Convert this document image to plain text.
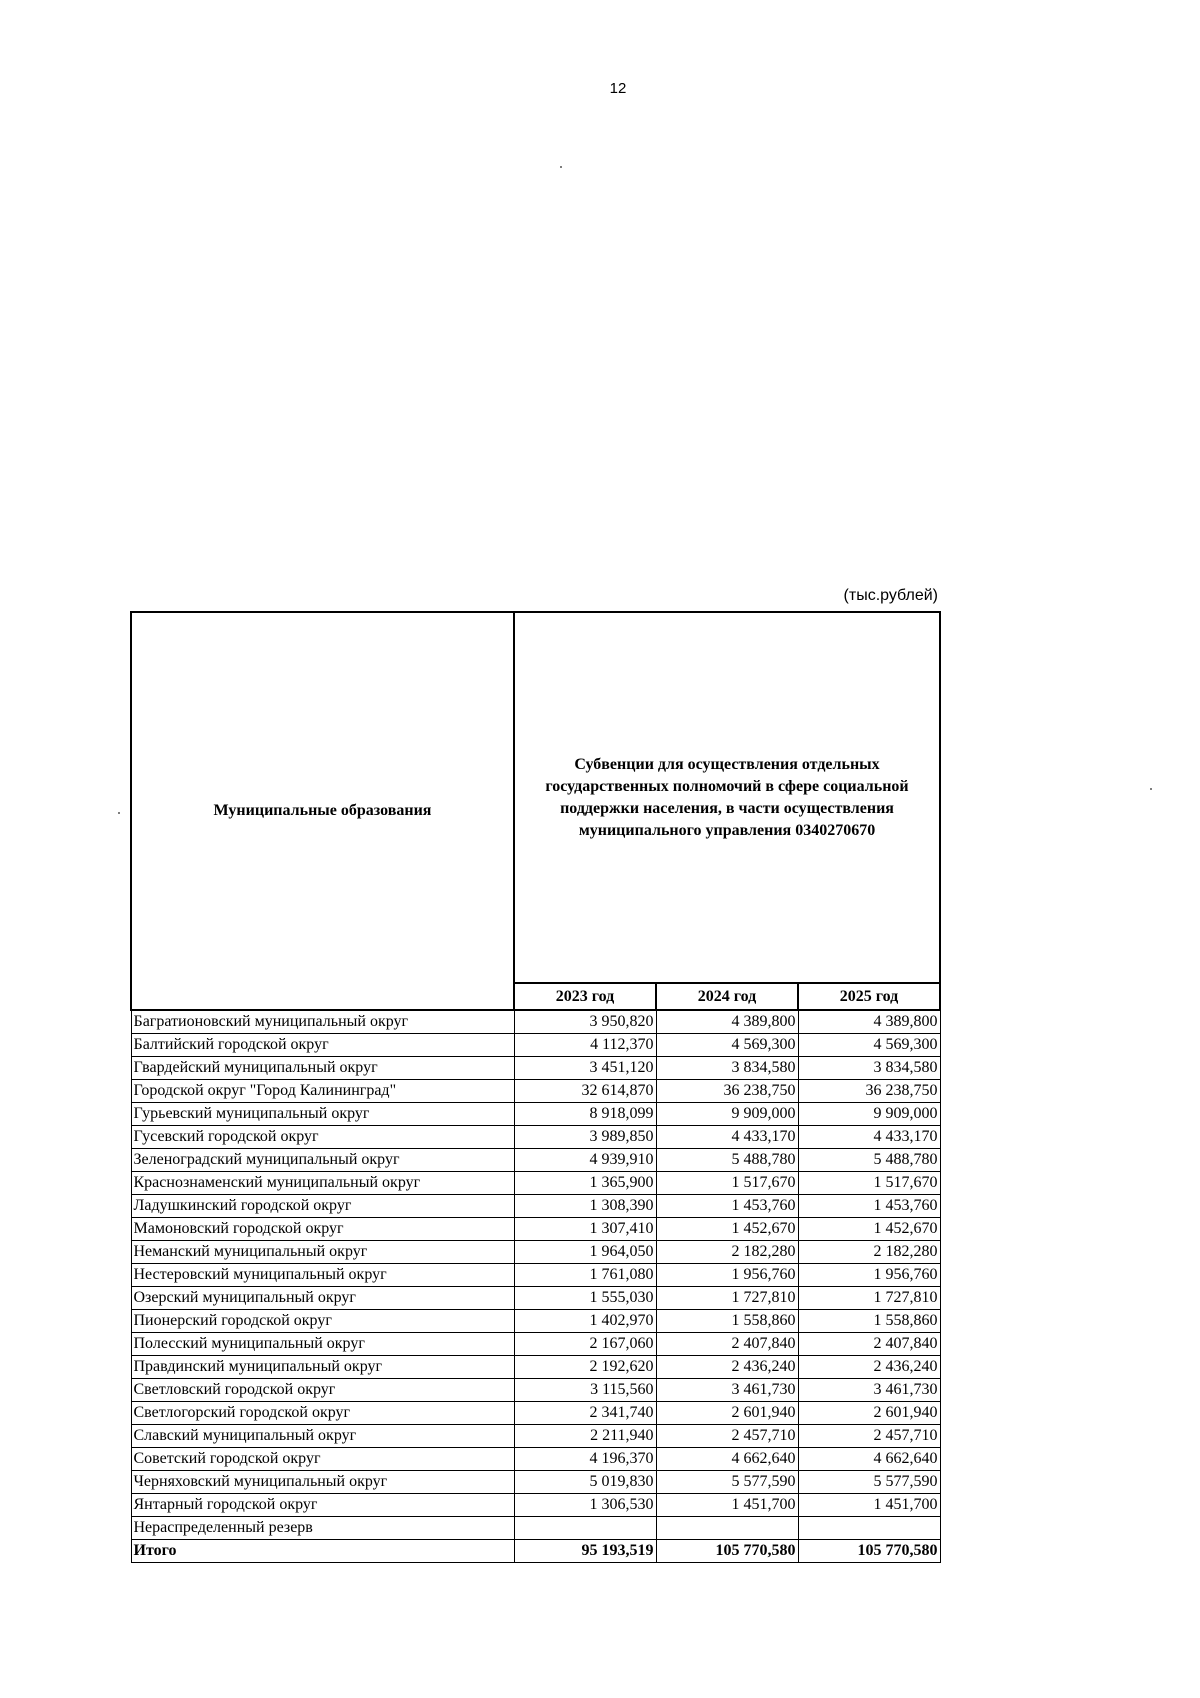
12
(тыс.рублей)
Муниципальные образования	Субвенции для осуществления отдельных государственных полномочий в сфере социальной поддержки населения, в части осуществления муниципального управления 0340270670		
	2023 год	2024 год	2025 год
Багратионовский муниципальный округ	3 950,820	4 389,800	4 389,800
Балтийский городской округ	4 112,370	4 569,300	4 569,300
Гвардейский муниципальный округ	3 451,120	3 834,580	3 834,580
Городской округ "Город Калининград"	32 614,870	36 238,750	36 238,750
Гурьевский муниципальный округ	8 918,099	9 909,000	9 909,000
Гусевский городской округ	3 989,850	4 433,170	4 433,170
Зеленоградский муниципальный округ	4 939,910	5 488,780	5 488,780
Краснознаменский муниципальный округ	1 365,900	1 517,670	1 517,670
Ладушкинский городской округ	1 308,390	1 453,760	1 453,760
Мамоновский городской округ	1 307,410	1 452,670	1 452,670
Неманский муниципальный округ	1 964,050	2 182,280	2 182,280
Нестеровский муниципальный округ	1 761,080	1 956,760	1 956,760
Озерский муниципальный округ	1 555,030	1 727,810	1 727,810
Пионерский городской округ	1 402,970	1 558,860	1 558,860
Полесский муниципальный округ	2 167,060	2 407,840	2 407,840
Правдинский муниципальный округ	2 192,620	2 436,240	2 436,240
Светловский городской округ	3 115,560	3 461,730	3 461,730
Светлогорский городской округ	2 341,740	2 601,940	2 601,940
Славский муниципальный округ	2 211,940	2 457,710	2 457,710
Советский городской округ	4 196,370	4 662,640	4 662,640
Черняховский муниципальный округ	5 019,830	5 577,590	5 577,590
Янтарный городской округ	1 306,530	1 451,700	1 451,700
Нераспределенный резерв			
Итого	95 193,519	105 770,580	105 770,580
